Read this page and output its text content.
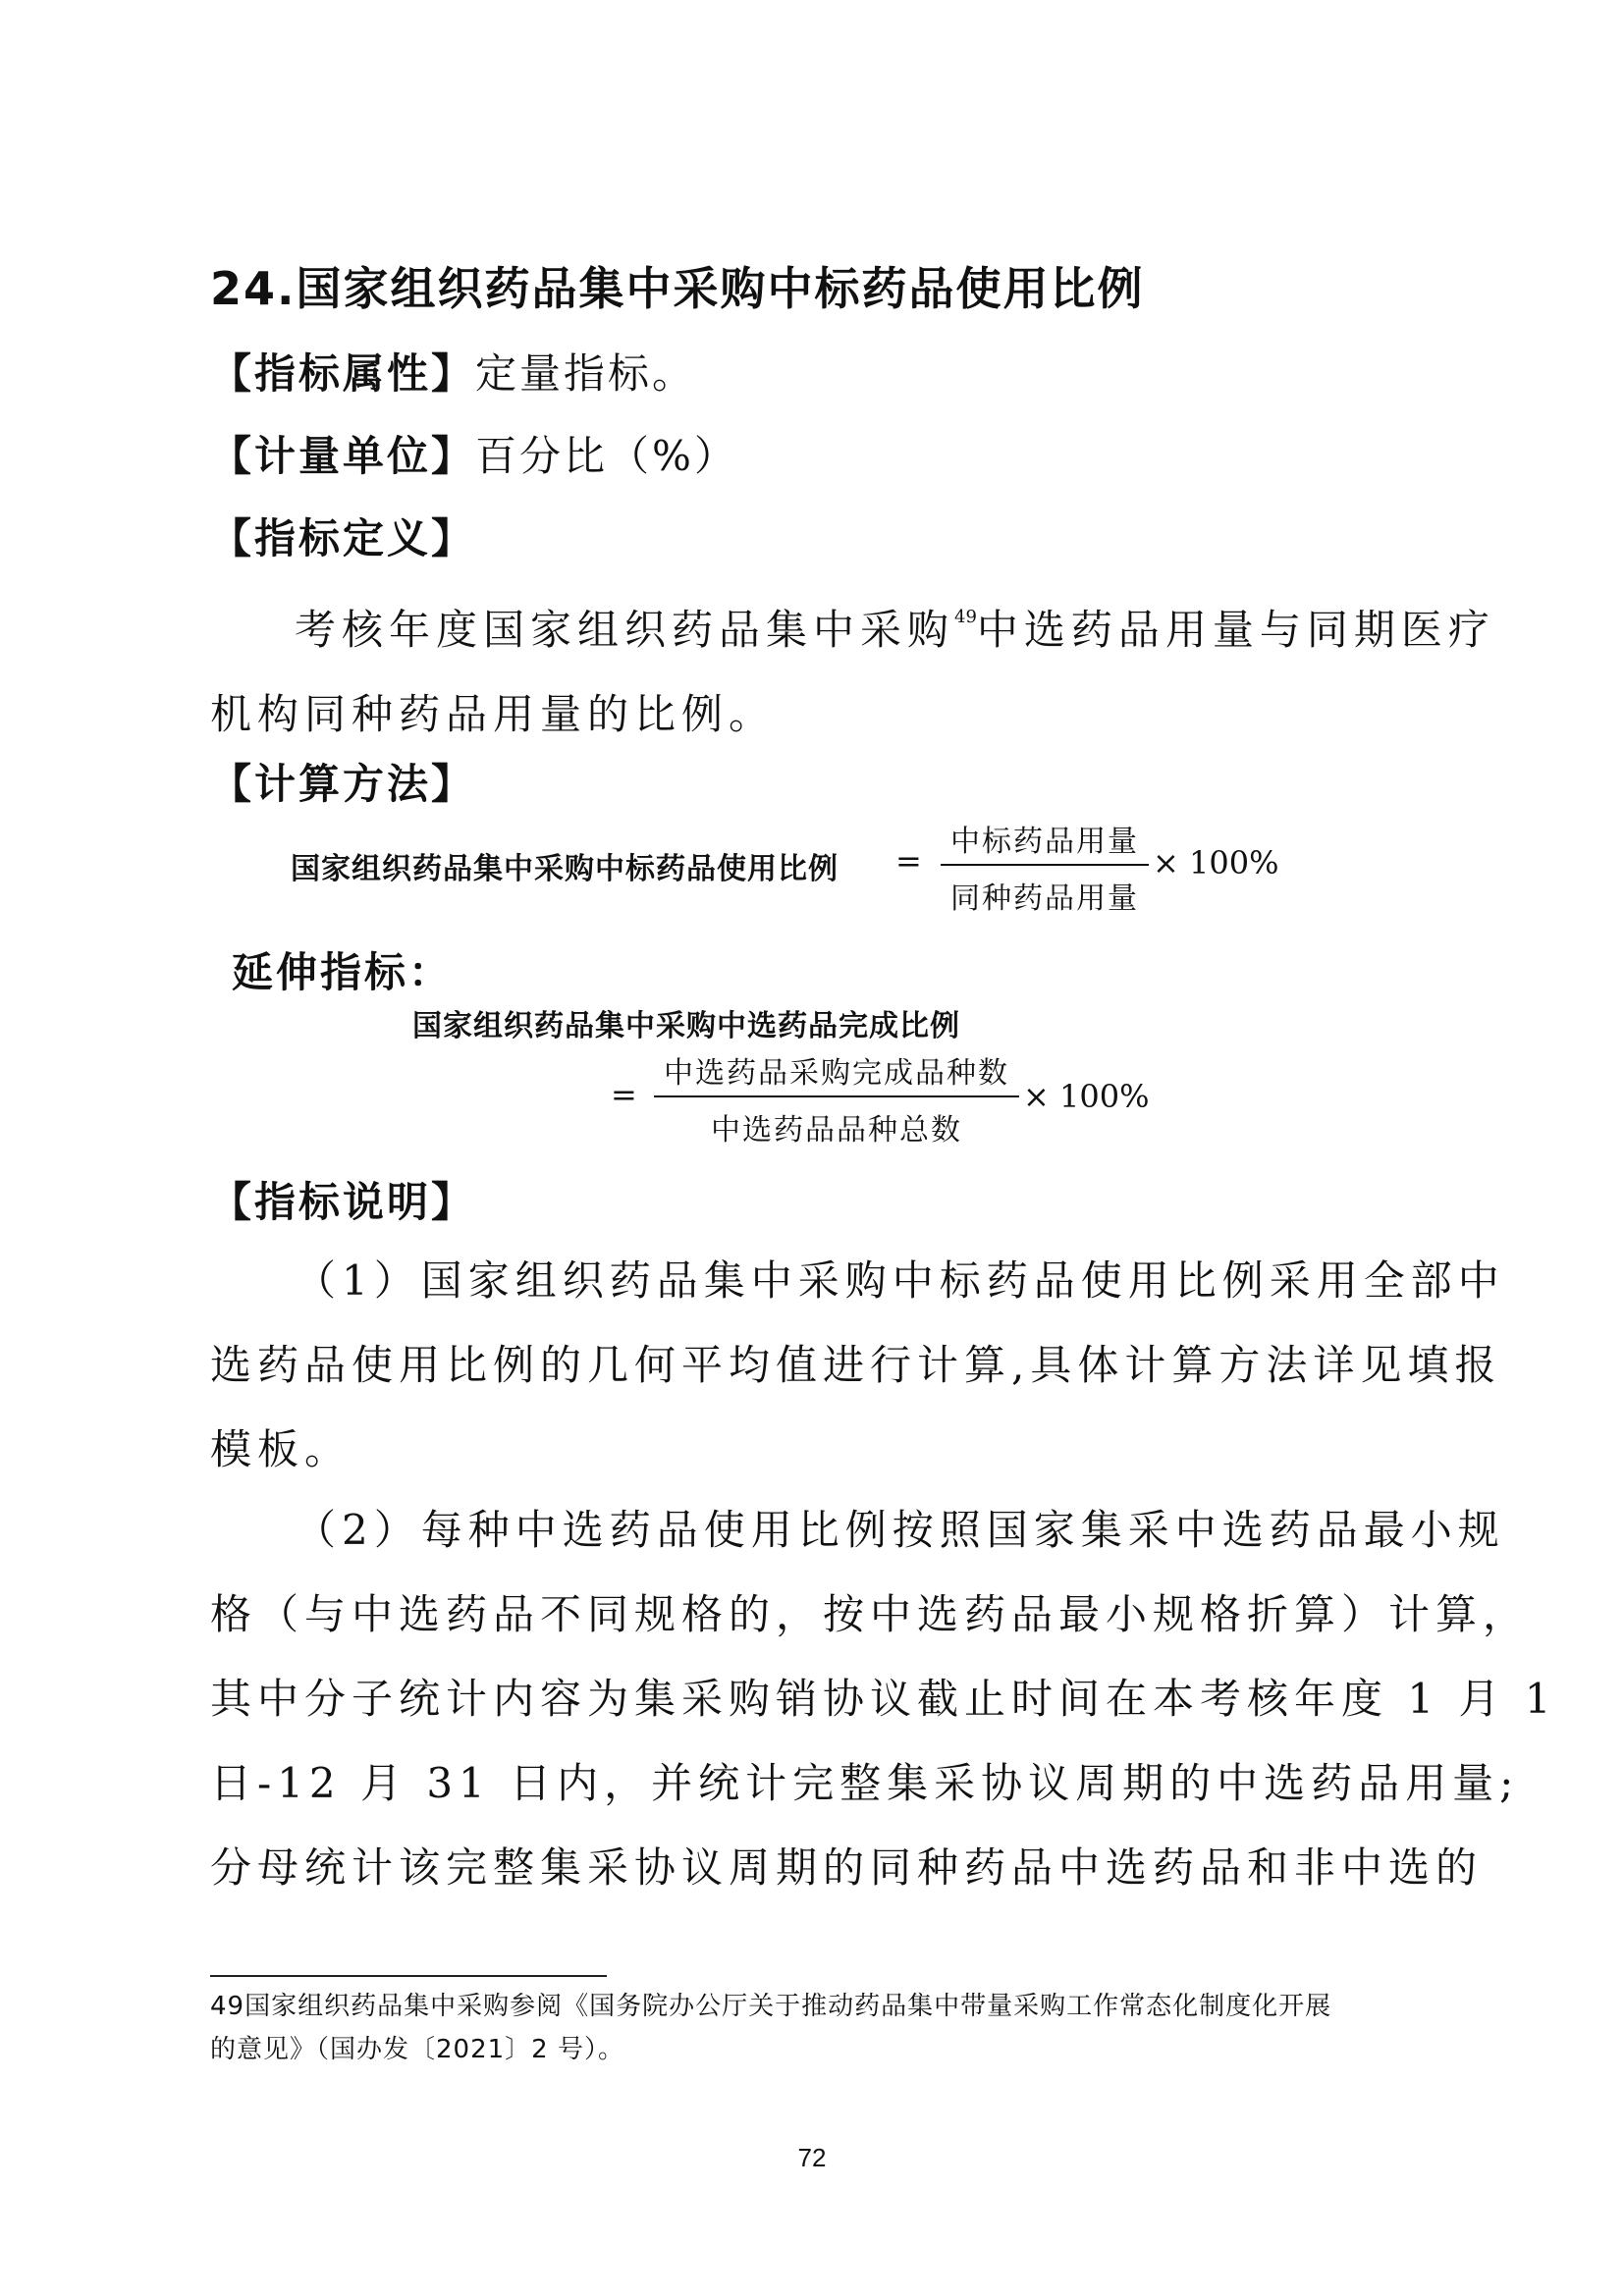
24.国家组织药品集中采购中标药品使用比例
【指标属性】定量指标。
【计量单位】百分比（%）
【指标定义】
考核年度国家组织药品集中采购$^{49}$中选药品用量与同期医疗
机构同种药品用量的比例。
【计算方法】
国家组织药品集中采购中标药品使用比例 =
中标药品用量
同种药品用量
× 100%
延伸指标：
国家组织药品集中采购中选药品完成比例
=
中选药品采购完成品种数
中选药品品种总数
× 100%
【指标说明】
（1）国家组织药品集中采购中标药品使用比例采用全部中
选药品使用比例的几何平均值进行计算,具体计算方法详见填报
模板。
（2）每种中选药品使用比例按照国家集采中选药品最小规
格（与中选药品不同规格的，按中选药品最小规格折算）计算，
其中分子统计内容为集采购销协议截止时间在本考核年度 1 月 1
日-12 月 31 日内，并统计完整集采协议周期的中选药品用量;
分母统计该完整集采协议周期的同种药品中选药品和非中选的
49国家组织药品集中采购参阅《国务院办公厅关于推动药品集中带量采购工作常态化制度化开展
的意见》（国办发〔2021〕2 号）。
72
